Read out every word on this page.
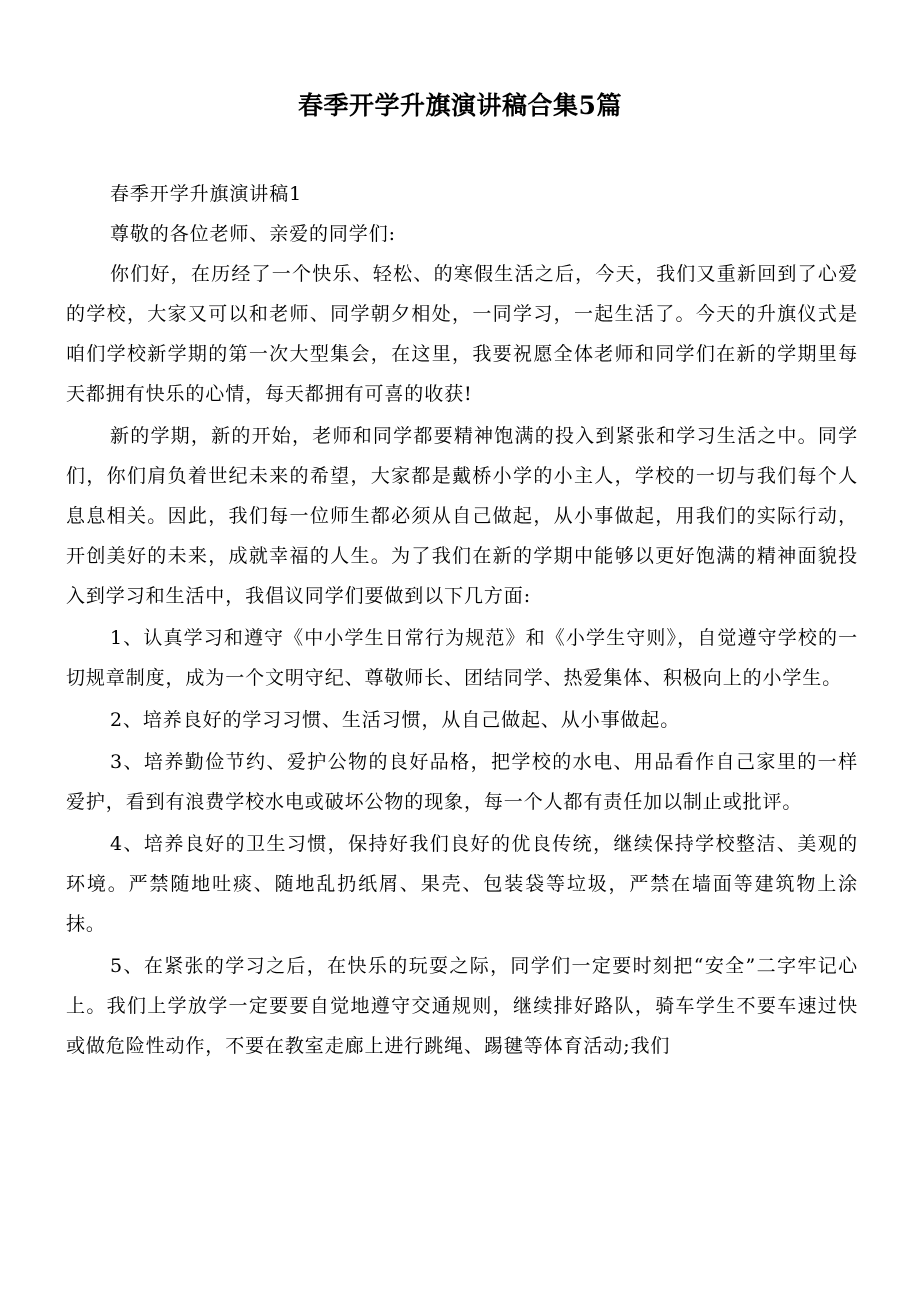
春季开学升旗演讲稿合集5篇

春季开学升旗演讲稿1

尊敬的各位老师、亲爱的同学们:

你们好，在历经了一个快乐、轻松、的寒假生活之后，今天，我们又重新回到了心爱的学校，大家又可以和老师、同学朝夕相处，一同学习，一起生活了。今天的升旗仪式是咱们学校新学期的第一次大型集会，在这里，我要祝愿全体老师和同学们在新的学期里每天都拥有快乐的心情，每天都拥有可喜的收获!

新的学期，新的开始，老师和同学都要精神饱满的投入到紧张和学习生活之中。同学们，你们肩负着世纪未来的希望，大家都是戴桥小学的小主人，学校的一切与我们每个人息息相关。因此，我们每一位师生都必须从自己做起，从小事做起，用我们的实际行动，开创美好的未来，成就幸福的人生。为了我们在新的学期中能够以更好饱满的精神面貌投入到学习和生活中，我倡议同学们要做到以下几方面:

1、认真学习和遵守《中小学生日常行为规范》和《小学生守则》，自觉遵守学校的一切规章制度，成为一个文明守纪、尊敬师长、团结同学、热爱集体、积极向上的小学生。

2、培养良好的学习习惯、生活习惯，从自己做起、从小事做起。

3、培养勤俭节约、爱护公物的良好品格，把学校的水电、用品看作自己家里的一样爱护，看到有浪费学校水电或破坏公物的现象，每一个人都有责任加以制止或批评。

4、培养良好的卫生习惯，保持好我们良好的优良传统，继续保持学校整洁、美观的环境。严禁随地吐痰、随地乱扔纸屑、果壳、包装袋等垃圾，严禁在墙面等建筑物上涂抹。

5、在紧张的学习之后，在快乐的玩耍之际，同学们一定要时刻把“安全”二字牢记心上。我们上学放学一定要要自觉地遵守交通规则，继续排好路队，骑车学生不要车速过快或做危险性动作，不要在教室走廊上进行跳绳、踢毽等体育活动;我们
